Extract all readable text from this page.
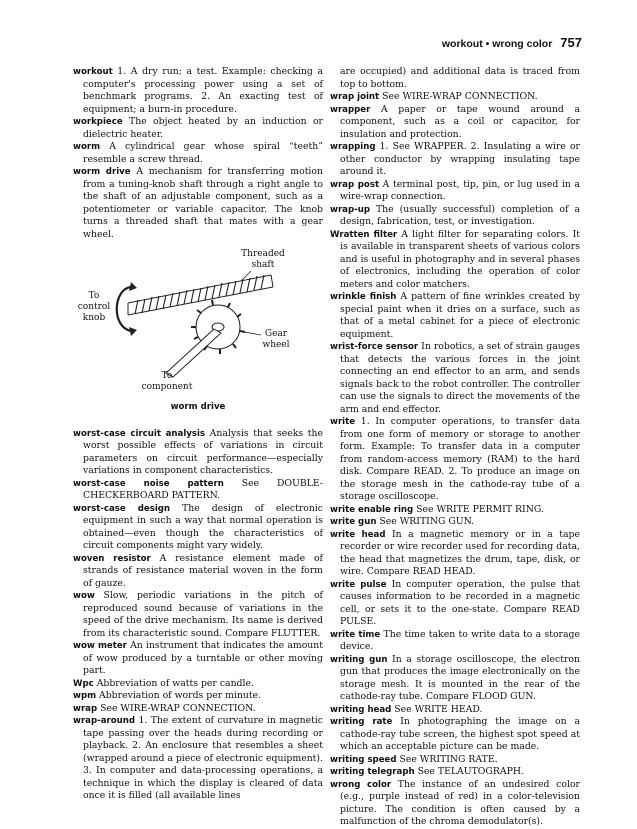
workout • wrong color 757
workout 1. A dry run; a test. Example: checking a computer's processing power using a set of benchmark programs. 2. An exacting test of equipment; a burn-in procedure.
workpiece The object heated by an induction or dielectric heater.
worm A cylindrical gear whose spiral “teeth” resemble a screw thread.
worm drive A mechanism for transferring motion from a tuning-knob shaft through a right angle to the shaft of an adjustable component, such as a potentiometer or variable capacitor. The knob turns a threaded shaft that mates with a gear wheel.
Threaded shaft
To control knob
Gear wheel
To component
worm drive
worst-case circuit analysis Analysis that seeks the worst possible effects of variations in circuit parameters on circuit performance—especially variations in component characteristics.
worst-case noise pattern See DOUBLE-CHECKERBOARD PATTERN.
worst-case design The design of electronic equipment in such a way that normal operation is obtained—even though the characteristics of circuit components might vary widely.
woven resistor A resistance element made of strands of resistance material woven in the form of gauze.
wow Slow, periodic variations in the pitch of reproduced sound because of variations in the speed of the drive mechanism. Its name is derived from its characteristic sound. Compare FLUTTER.
wow meter An instrument that indicates the amount of wow produced by a turntable or other moving part.
Wpc Abbreviation of watts per candle.
wpm Abbreviation of words per minute.
wrap See WIRE-WRAP CONNECTION.
wrap-around 1. The extent of curvature in magnetic tape passing over the heads during recording or playback. 2. An enclosure that resembles a sheet (wrapped around a piece of electronic equipment). 3. In computer and data-processing operations, a technique in which the display is cleared of data once it is filled (all available lines
are occupied) and additional data is traced from top to bottom.
wrap joint See WIRE-WRAP CONNECTION.
wrapper A paper or tape wound around a component, such as a coil or capacitor, for insulation and protection.
wrapping 1. See WRAPPER. 2. Insulating a wire or other conductor by wrapping insulating tape around it.
wrap post A terminal post, tip, pin, or lug used in a wire-wrap connection.
wrap-up The (usually successful) completion of a design, fabrication, test, or investigation.
Wratten filter A light filter for separating colors. It is available in transparent sheets of various colors and is useful in photography and in several phases of electronics, including the operation of color meters and color matchers.
wrinkle finish A pattern of fine wrinkles created by special paint when it dries on a surface, such as that of a metal cabinet for a piece of electronic equipment.
wrist-force sensor In robotics, a set of strain gauges that detects the various forces in the joint connecting an end effector to an arm, and sends signals back to the robot controller. The controller can use the signals to direct the movements of the arm and end effector.
write 1. In computer operations, to transfer data from one form of memory or storage to another form. Example: To transfer data in a computer from random-access memory (RAM) to the hard disk. Compare READ. 2. To produce an image on the storage mesh in the cathode-ray tube of a storage oscilloscope.
write enable ring See WRITE PERMIT RING.
write gun See WRITING GUN.
write head In a magnetic memory or in a tape recorder or wire recorder used for recording data, the head that magnetizes the drum, tape, disk, or wire. Compare READ HEAD.
write pulse In computer operation, the pulse that causes information to be recorded in a magnetic cell, or sets it to the one-state. Compare READ PULSE.
write time The time taken to write data to a storage device.
writing gun In a storage oscilloscope, the electron gun that produces the image electronically on the storage mesh. It is mounted in the rear of the cathode-ray tube. Compare FLOOD GUN.
writing head See WRITE HEAD.
writing rate In photographing the image on a cathode-ray tube screen, the highest spot speed at which an acceptable picture can be made.
writing speed See WRITING RATE.
writing telegraph See TELAUTOGRAPH.
wrong color The instance of an undesired color (e.g., purple instead of red) in a color-television picture. The condition is often caused by a malfunction of the chroma demodulator(s).
